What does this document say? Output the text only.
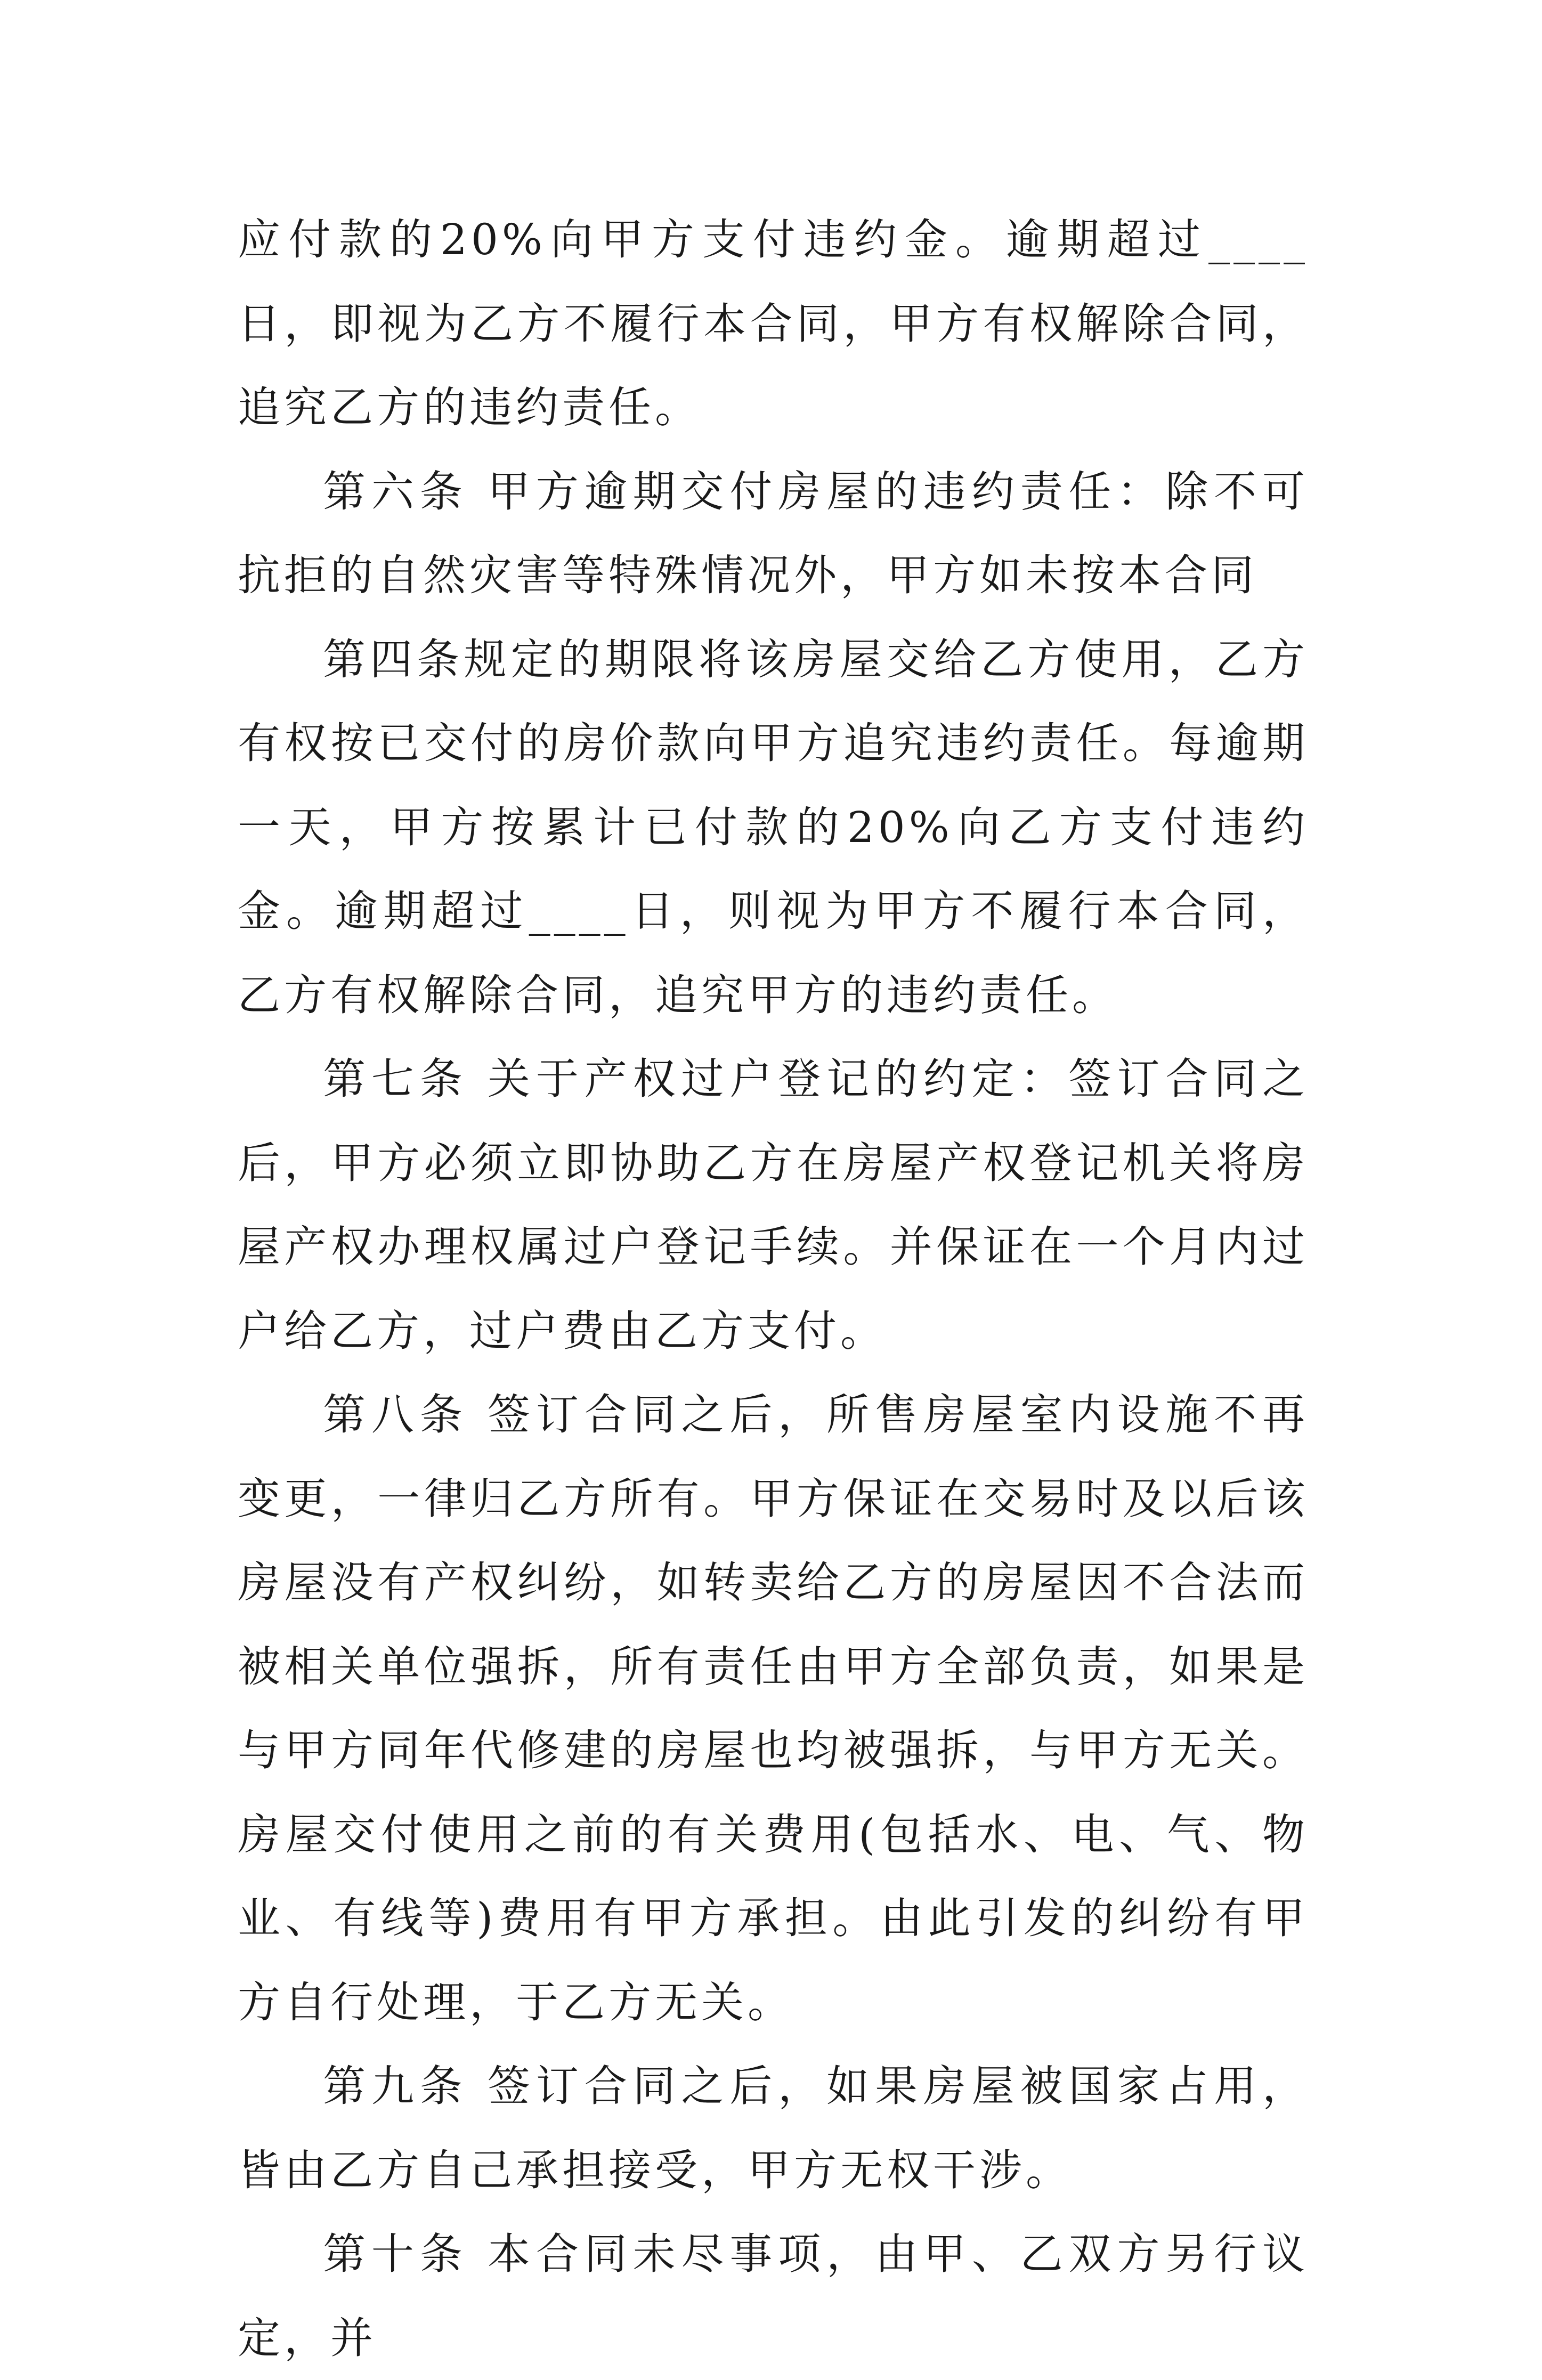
应付款的20%向甲方支付违约金。逾期超过____日，即视为乙方不履行本合同，甲方有权解除合同，追究乙方的违约责任。

第六条 甲方逾期交付房屋的违约责任：除不可抗拒的自然灾害等特殊情况外，甲方如未按本合同

第四条规定的期限将该房屋交给乙方使用，乙方有权按已交付的房价款向甲方追究违约责任。每逾期一天，甲方按累计已付款的20%向乙方支付违约金。逾期超过____日，则视为甲方不履行本合同，乙方有权解除合同，追究甲方的违约责任。

第七条 关于产权过户登记的约定：签订合同之后，甲方必须立即协助乙方在房屋产权登记机关将房屋产权办理权属过户登记手续。并保证在一个月内过户给乙方，过户费由乙方支付。

第八条 签订合同之后，所售房屋室内设施不再变更，一律归乙方所有。甲方保证在交易时及以后该房屋没有产权纠纷，如转卖给乙方的房屋因不合法而被相关单位强拆，所有责任由甲方全部负责，如果是与甲方同年代修建的房屋也均被强拆，与甲方无关。房屋交付使用之前的有关费用(包括水、电、气、物业、有线等)费用有甲方承担。由此引发的纠纷有甲方自行处理，于乙方无关。

第九条 签订合同之后，如果房屋被国家占用，皆由乙方自己承担接受，甲方无权干涉。

第十条 本合同未尽事项，由甲、乙双方另行议定，并
